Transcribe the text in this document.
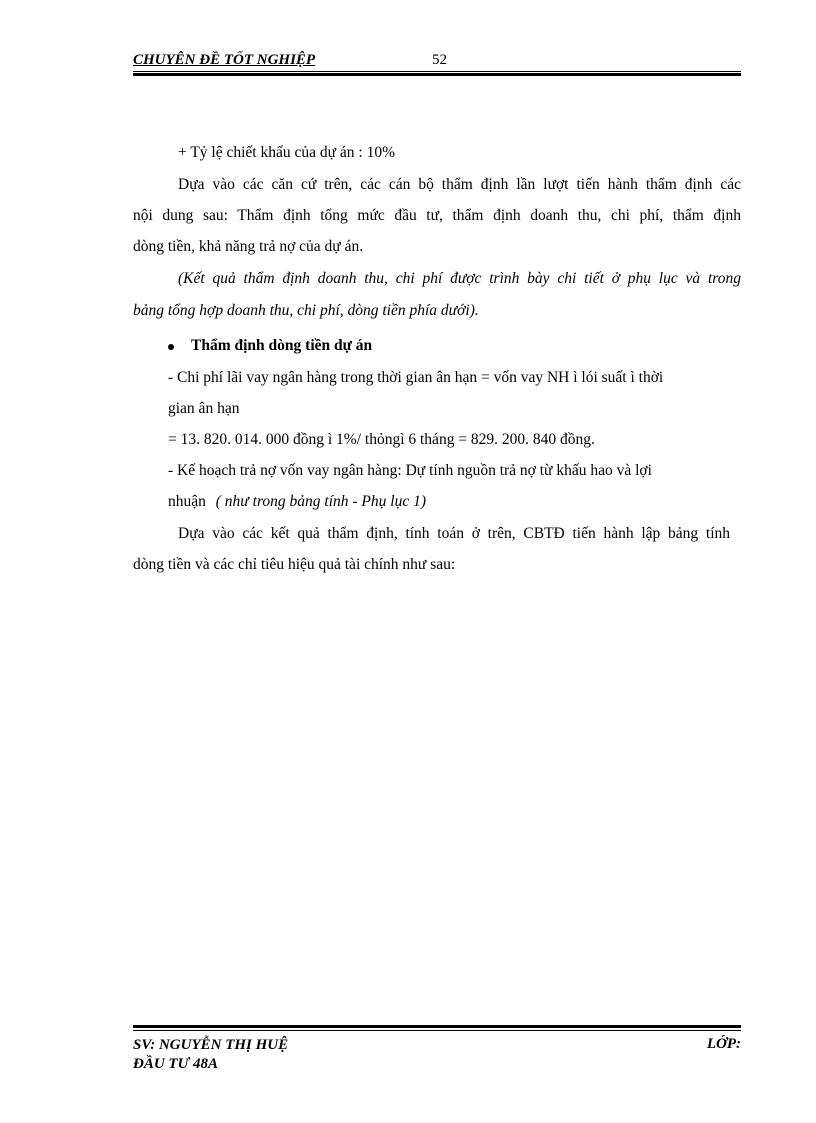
CHUYÊN ĐỀ TỐT NGHIỆP	52
+ Tỷ lệ chiết khấu của dự án : 10%
Dựa vào các căn cứ trên, các cán bộ thẩm định lần lượt tiến hành thẩm định các
nội dung sau: Thẩm định tổng mức đầu tư, thẩm định doanh thu, chi phí, thẩm định
dòng tiền, khả năng trả nợ của dự án.
(Kết quả thẩm định doanh thu, chi phí được trình bày chi tiết ở phụ lục và trong
bảng tổng hợp doanh thu, chi phí, dòng tiền phía dưới).
Thẩm định dòng tiền dự án
- Chi phí lãi vay ngân hàng trong thời gian ân hạn = vốn vay NH ì lói suất ì thời
gian ân hạn
= 13. 820. 014. 000 đồng ì 1%/ thỏngì 6 tháng = 829. 200. 840 đồng.
- Kế hoạch trả nợ vốn vay ngân hàng: Dự tính nguồn trả nợ từ khấu hao và lợi
nhuận ( như trong bảng tính - Phụ lục 1)
Dựa vào các kết quả thẩm định, tính toán ở trên, CBTĐ tiến hành lập bảng tính
dòng tiền và các chỉ tiêu hiệu quả tài chính như sau:
SV: NGUYỄN THỊ HUỆ
ĐẦU TƯ 48A
LỚP:
